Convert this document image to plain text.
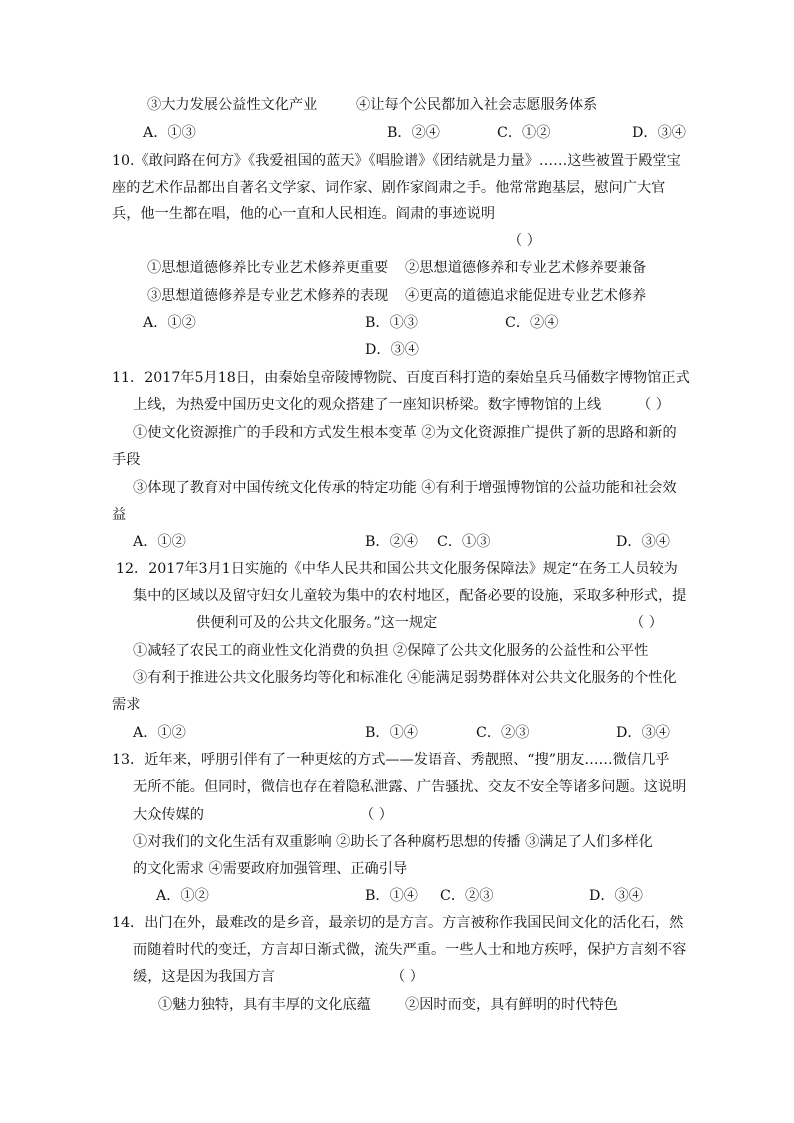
③大力发展公益性文化产业	④让每个公民都加入社会志愿服务体系
A．①③	B．②④	C．①②	D．③④
10.《敢问路在何方》《我爱祖国的蓝天》《唱脸谱》《团结就是力量》……这些被置于殿堂宝
座的艺术作品都出自著名文学家、词作家、剧作家阎肃之手。他常常跑基层，慰问广大官
兵，他一生都在唱，他的心一直和人民相连。阎肃的事迹说明
（ ）
①思想道德修养比专业艺术修养更重要 ②思想道德修养和专业艺术修养要兼备
③思想道德修养是专业艺术修养的表现 ④更高的道德追求能促进专业艺术修养
A．①②	B．①③	C．②④
D．③④
11．2017年5月18日，由秦始皇帝陵博物院、百度百科打造的秦始皇兵马俑数字博物馆正式
上线，为热爱中国历史文化的观众搭建了一座知识桥梁。数字博物馆的上线	（ ）
①使文化资源推广的手段和方式发生根本变革 ②为文化资源推广提供了新的思路和新的
手段
③体现了教育对中国传统文化传承的特定功能 ④有利于增强博物馆的公益功能和社会效
益
A．①②	B．②④ C．①③	D．③④
12．2017年3月1日实施的《中华人民共和国公共文化服务保障法》规定“在务工人员较为
集中的区域以及留守妇女儿童较为集中的农村地区，配备必要的设施，采取多种形式，提
供便利可及的公共文化服务。”这一规定	（ ）
①减轻了农民工的商业性文化消费的负担 ②保障了公共文化服务的公益性和公平性
③有利于推进公共文化服务均等化和标准化 ④能满足弱势群体对公共文化服务的个性化
需求
A．①②	B．①④	C．②③	D．③④
13．近年来，呼朋引伴有了一种更炫的方式——发语音、秀靓照、“搜”朋友……微信几乎
无所不能。但同时，微信也存在着隐私泄露、广告骚扰、交友不安全等诸多问题。这说明
大众传媒的	（ ）
①对我们的文化生活有双重影响 ②助长了各种腐朽思想的传播 ③满足了人们多样化
的文化需求 ④需要政府加强管理、正确引导
A．①②	B．①④ C．②③	D．③④
14．出门在外，最难改的是乡音，最亲切的是方言。方言被称作我国民间文化的活化石，然
而随着时代的变迁，方言却日渐式微，流失严重。一些人士和地方疾呼，保护方言刻不容
缓，这是因为我国方言	（ ）
①魅力独特，具有丰厚的文化底蕴 ②因时而变，具有鲜明的时代特色
